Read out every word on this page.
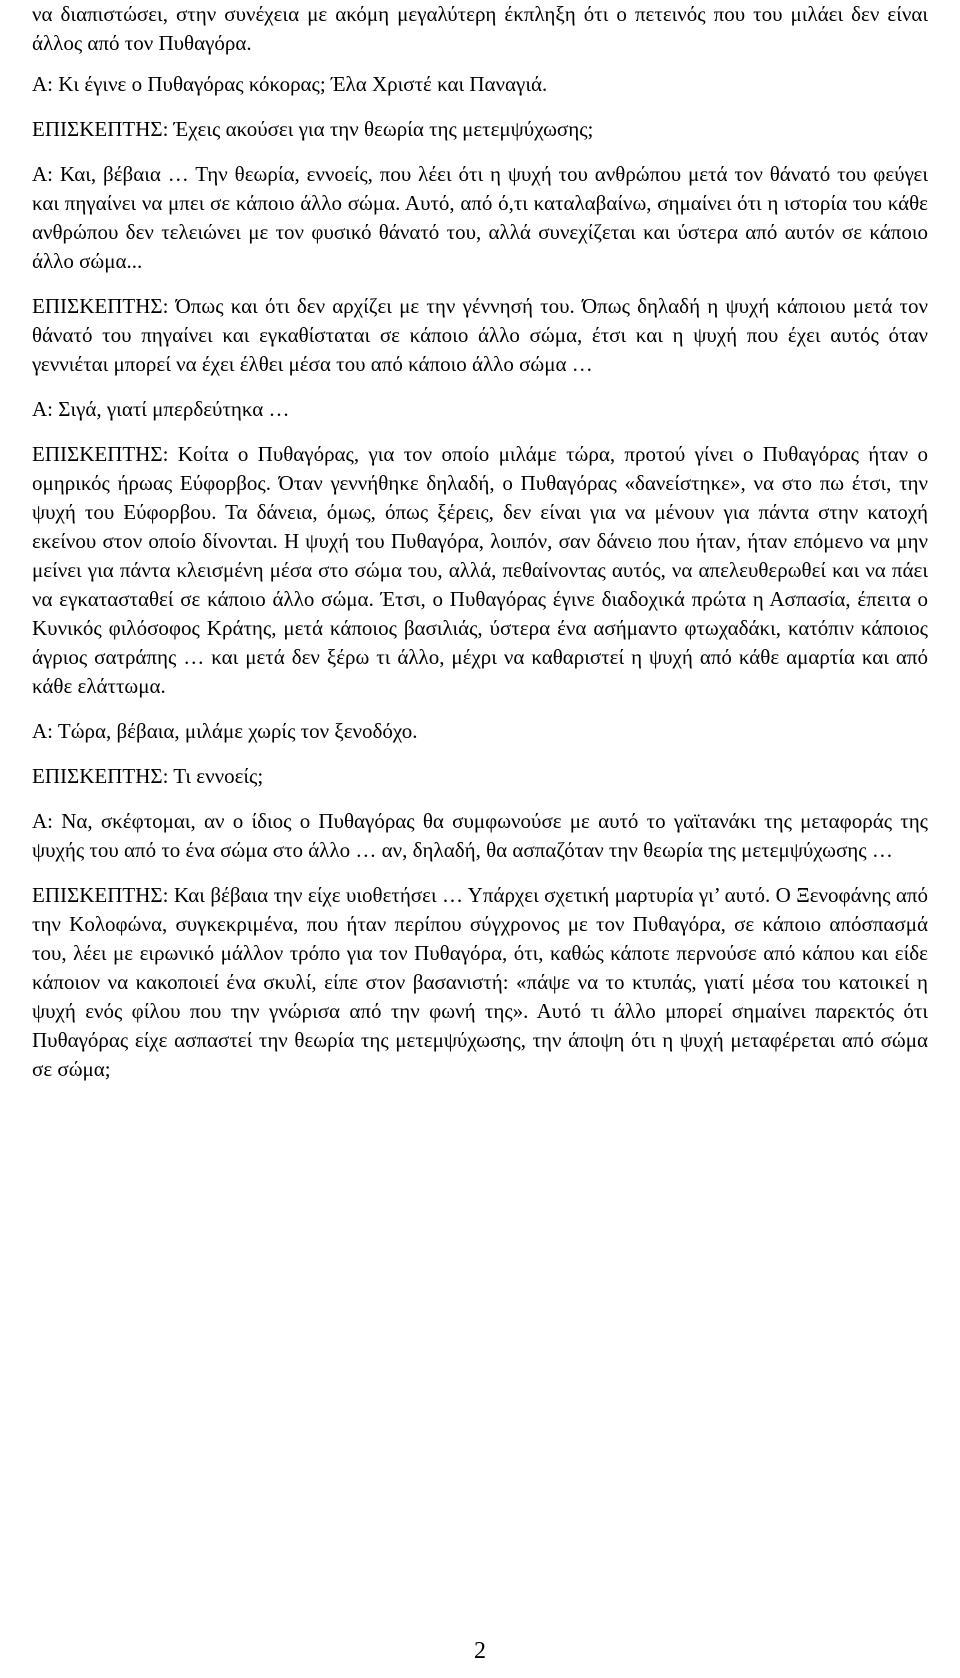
να διαπιστώσει, στην συνέχεια με ακόμη μεγαλύτερη έκπληξη ότι ο πετεινός που του μιλάει δεν είναι άλλος από τον Πυθαγόρα.

Α: Κι έγινε ο Πυθαγόρας κόκορας; Έλα Χριστέ και Παναγιά.

ΕΠΙΣΚΕΠΤΗΣ: Έχεις ακούσει για την θεωρία της μετεμψύχωσης;

Α: Και, βέβαια … Την θεωρία, εννοείς, που λέει ότι η ψυχή του ανθρώπου μετά τον θάνατό του φεύγει και πηγαίνει να μπει σε κάποιο άλλο σώμα. Αυτό, από ό,τι καταλαβαίνω, σημαίνει ότι η ιστορία του κάθε ανθρώπου δεν τελειώνει με τον φυσικό θάνατό του, αλλά συνεχίζεται και ύστερα από αυτόν σε κάποιο άλλο σώμα...

ΕΠΙΣΚΕΠΤΗΣ: Όπως και ότι δεν αρχίζει με την γέννησή του. Όπως δηλαδή η ψυχή κάποιου μετά τον θάνατό του πηγαίνει και εγκαθίσταται σε κάποιο άλλο σώμα, έτσι και η ψυχή που έχει αυτός όταν γεννιέται μπορεί να έχει έλθει μέσα του από κάποιο άλλο σώμα …

Α: Σιγά, γιατί μπερδεύτηκα …

ΕΠΙΣΚΕΠΤΗΣ: Κοίτα ο Πυθαγόρας, για τον οποίο μιλάμε τώρα, προτού γίνει ο Πυθαγόρας ήταν ο ομηρικός ήρωας Εύφορβος. Όταν γεννήθηκε δηλαδή, ο Πυθαγόρας «δανείστηκε», να στο πω έτσι, την ψυχή του Εύφορβου. Τα δάνεια, όμως, όπως ξέρεις, δεν είναι για να μένουν για πάντα στην κατοχή εκείνου στον οποίο δίνονται. Η ψυχή του Πυθαγόρα, λοιπόν, σαν δάνειο που ήταν, ήταν επόμενο να μην μείνει για πάντα κλεισμένη μέσα στο σώμα του, αλλά, πεθαίνοντας αυτός, να απελευθερωθεί και να πάει να εγκατασταθεί σε κάποιο άλλο σώμα. Έτσι, ο Πυθαγόρας έγινε διαδοχικά πρώτα η Ασπασία, έπειτα ο Κυνικός φιλόσοφος Κράτης, μετά κάποιος βασιλιάς, ύστερα ένα ασήμαντο φτωχαδάκι, κατόπιν κάποιος άγριος σατράπης … και μετά δεν ξέρω τι άλλο, μέχρι να καθαριστεί η ψυχή από κάθε αμαρτία και από κάθε ελάττωμα.

Α: Τώρα, βέβαια, μιλάμε χωρίς τον ξενοδόχο.

ΕΠΙΣΚΕΠΤΗΣ: Τι εννοείς;

Α: Να, σκέφτομαι, αν ο ίδιος ο Πυθαγόρας θα συμφωνούσε με αυτό το γαϊτανάκι της μεταφοράς της ψυχής του από το ένα σώμα στο άλλο … αν, δηλαδή, θα ασπαζόταν την θεωρία της μετεμψύχωσης …

ΕΠΙΣΚΕΠΤΗΣ: Και βέβαια την είχε υιοθετήσει … Υπάρχει σχετική μαρτυρία γι’ αυτό. Ο Ξενοφάνης από την Κολοφώνα, συγκεκριμένα, που ήταν περίπου σύγχρονος με τον Πυθαγόρα, σε κάποιο απόσπασμά του, λέει με ειρωνικό μάλλον τρόπο για τον Πυθαγόρα, ότι, καθώς κάποτε περνούσε από κάπου και είδε κάποιον να κακοποιεί ένα σκυλί, είπε στον βασανιστή: «πάψε να το κτυπάς, γιατί μέσα του κατοικεί η ψυχή ενός φίλου που την γνώρισα από την φωνή της». Αυτό τι άλλο μπορεί σημαίνει παρεκτός ότι Πυθαγόρας είχε ασπαστεί την θεωρία της μετεμψύχωσης, την άποψη ότι η ψυχή μεταφέρεται από σώμα σε σώμα;

2
